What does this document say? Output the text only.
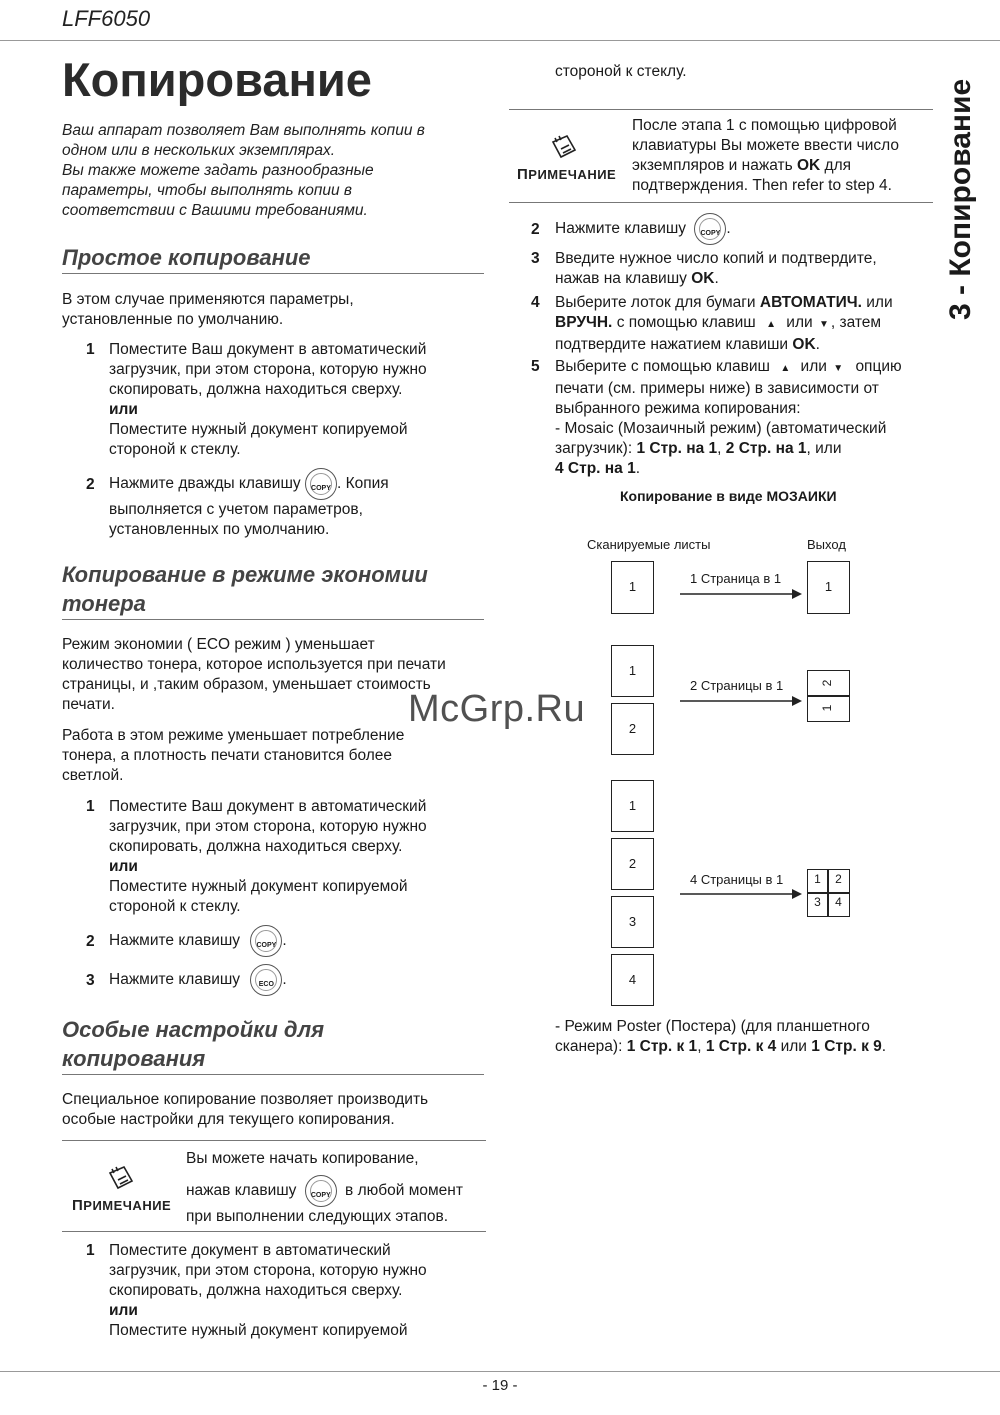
LFF6050
3 - Копирование
Копирование
Ваш аппарат позволяет Вам выполнять копии в
одном или в нескольких экземплярах.
Вы также можете задать разнообразные
параметры, чтобы выполнять копии в
соответствии с Вашими требованиями.
Простое копирование
В этом случае применяются параметры,
установленные по умолчанию.
1 Поместите Ваш документ в автоматический
загрузчик, при этом сторона, которую нужно
скопировать, должна находиться сверху.
или
Поместите нужный документ копируемой
стороной к стеклу.
2 Нажмите дважды клавишу	COPY . Копия
выполняется с учетом параметров,
установленных по умолчанию.
Копирование в режиме экономии
тонера
Режим экономии ( ECO режим ) уменьшает
количество тонера, которое используется при печати
страницы, и ,таким образом, уменьшает стоимость
печати.
Работа в этом режиме уменьшает потребление
тонера, а плотность печати становится более
светлой.
1 Поместите Ваш документ в автоматический
загрузчик, при этом сторона, которую нужно
скопировать, должна находиться сверху.
или
Поместите нужный документ копируемой
стороной к стеклу.
2 Нажмите клавишу	COPY .
3 Нажмите клавишу	ECO .
Особые настройки для
копирования
Специальное копирование позволяет производить
особые настройки для текущего копирования.
ПРИМЕЧАНИЕ
Вы можете начать копирование,
нажав клавишу	COPY в любой момент
при выполнении следующих этапов.
1 Поместите документ в автоматический
загрузчик, при этом сторона, которую нужно
скопировать, должна находиться сверху.
или
Поместите нужный документ копируемой
стороной к стеклу.
ПРИМЕЧАНИЕ
После этапа 1 с помощью цифровой
клавиатуры Вы можете ввести число
экземпляров и нажать OK для
подтверждения. Then refer to step 4.
2 Нажмите клавишу	COPY .
3 Введите нужное число копий и подтвердите,
нажав на клавишу OK.
4 Выберите лоток для бумаги АВТОМАТИЧ. или
ВРУЧН. с помощью клавиш ▲ или ▼ , затем
подтвердите нажатием клавиши OK.
5 Выберите с помощью клавиш ▲ или ▼ опцию
печати (см. примеры ниже) в зависимости от
выбранного режима копирования:
- Mosaic (Мозаичный режим) (автоматический
загрузчик): 1 Стр. на 1, 2 Стр. на 1, или
4 Стр. на 1.
Копирование в виде МОЗАИКИ
Сканируемые листы	Выход
1
1 Страница в 1
1
1
2
2 Страницы в 1
1
2
1
2
3
4
4 Страницы в 1	1	2
3	4
- Режим Poster (Постера) (для планшетного
сканера): 1 Стр. к 1, 1 Стр. к 4 или 1 Стр. к 9.
McGrp.Ru
- 19 -
